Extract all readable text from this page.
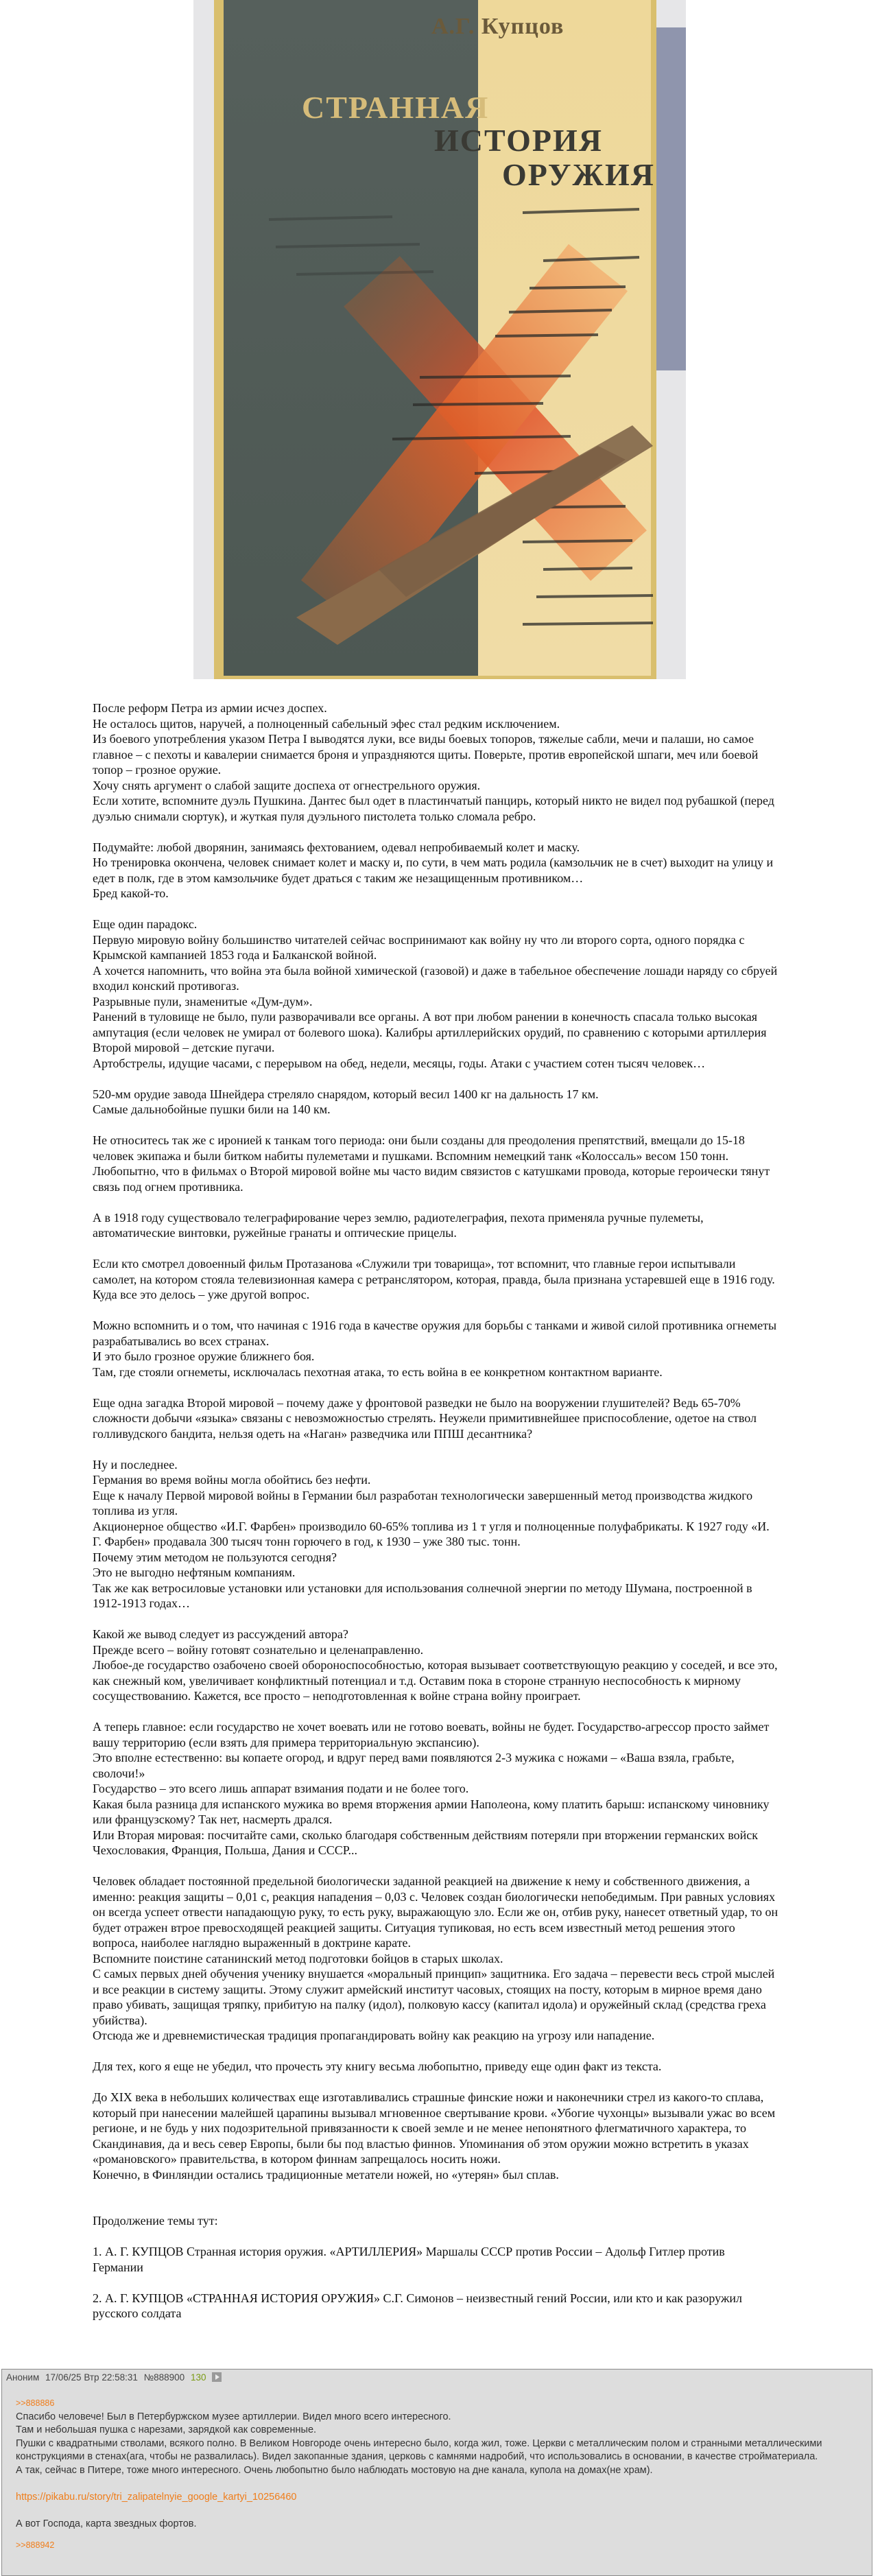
А.Г. Купцов
СТРАННАЯ
ИСТОРИЯ
ОРУЖИЯ
После реформ Петра из армии исчез доспех.
Не осталось щитов, наручей, а полноценный сабельный эфес стал редким исключением.
Из боевого употребления указом Петра I выводятся луки, все виды боевых топоров, тяжелые сабли, мечи и палаши, но самое главное – с пехоты и кавалерии снимается броня и упраздняются щиты. Поверьте, против европейской шпаги, меч или боевой топор – грозное оружие.
Хочу снять аргумент о слабой защите доспеха от огнестрельного оружия.
Если хотите, вспомните дуэль Пушкина. Дантес был одет в пластинчатый панцирь, который никто не видел под рубашкой (перед дуэлью снимали сюртук), и жуткая пуля дуэльного пистолета только сломала ребро.
Подумайте: любой дворянин, занимаясь фехтованием, одевал непробиваемый колет и маску.
Но тренировка окончена, человек снимает колет и маску и, по сути, в чем мать родила (камзольчик не в счет) выходит на улицу и едет в полк, где в этом камзольчике будет драться с таким же незащищенным противником…
Бред какой-то.
Еще один парадокс.
Первую мировую войну большинство читателей сейчас воспринимают как войну ну что ли второго сорта, одного порядка с Крымской кампанией 1853 года и Балканской войной.
А хочется напомнить, что война эта была войной химической (газовой) и даже в табельное обеспечение лошади наряду со сбруей входил конский противогаз.
Разрывные пули, знаменитые «Дум-дум».
Ранений в туловище не было, пули разворачивали все органы. А вот при любом ранении в конечность спасала только высокая ампутация (если человек не умирал от болевого шока). Калибры артиллерийских орудий, по сравнению с которыми артиллерия Второй мировой – детские пугачи.
Артобстрелы, идущие часами, с перерывом на обед, недели, месяцы, годы. Атаки с участием сотен тысяч человек…
520-мм орудие завода Шнейдера стреляло снарядом, который весил 1400 кг на дальность 17 км.
Самые дальнобойные пушки били на 140 км.
Не относитесь так же с иронией к танкам того периода: они были созданы для преодоления препятствий, вмещали до 15-18 человек экипажа и были битком набиты пулеметами и пушками. Вспомним немецкий танк «Колоссаль» весом 150 тонн.
Любопытно, что в фильмах о Второй мировой войне мы часто видим связистов с катушками провода, которые героически тянут связь под огнем противника.
А в 1918 году существовало телеграфирование через землю, радиотелеграфия, пехота применяла ручные пулеметы, автоматические винтовки, ружейные гранаты и оптические прицелы.
Если кто смотрел довоенный фильм Протазанова «Служили три товарища», тот вспомнит, что главные герои испытывали самолет, на котором стояла телевизионная камера с ретранслятором, которая, правда, была признана устаревшей еще в 1916 году.
Куда все это делось – уже другой вопрос.
Можно вспомнить и о том, что начиная с 1916 года в качестве оружия для борьбы с танками и живой силой противника огнеметы разрабатывались во всех странах.
И это было грозное оружие ближнего боя.
Там, где стояли огнеметы, исключалась пехотная атака, то есть война в ее конкретном контактном варианте.
Еще одна загадка Второй мировой – почему даже у фронтовой разведки не было на вооружении глушителей? Ведь 65-70% сложности добычи «языка» связаны с невозможностью стрелять. Неужели примитивнейшее приспособление, одетое на ствол голливудского бандита, нельзя одеть на «Наган» разведчика или ППШ десантника?
Ну и последнее.
Германия во время войны могла обойтись без нефти.
Еще к началу Первой мировой войны в Германии был разработан технологически завершенный метод производства жидкого топлива из угля.
Акционерное общество «И.Г. Фарбен» производило 60-65% топлива из 1 т угля и полноценные полуфабрикаты. К 1927 году «И. Г. Фарбен» продавала 300 тысяч тонн горючего в год, к 1930 – уже 380 тыс. тонн.
Почему этим методом не пользуются сегодня?
Это не выгодно нефтяным компаниям.
Так же как ветросиловые установки или установки для использования солнечной энергии по методу Шумана, построенной в 1912-1913 годах…
Какой же вывод следует из рассуждений автора?
Прежде всего – войну готовят сознательно и целенаправленно.
Любое-де государство озабочено своей обороноспособностью, которая вызывает соответствующую реакцию у соседей, и все это, как снежный ком, увеличивает конфликтный потенциал и т.д. Оставим пока в стороне странную неспособность к мирному сосуществованию. Кажется, все просто – неподготовленная к войне страна войну проиграет.
А теперь главное: если государство не хочет воевать или не готово воевать, войны не будет. Государство-агрессор просто займет вашу территорию (если взять для примера территориальную экспансию).
Это вполне естественно: вы копаете огород, и вдруг перед вами появляются 2-3 мужика с ножами – «Ваша взяла, грабьте, сволочи!»
Государство – это всего лишь аппарат взимания подати и не более того.
Какая была разница для испанского мужика во время вторжения армии Наполеона, кому платить барыш: испанскому чиновнику или французскому? Так нет, насмерть дрался.
Или Вторая мировая: посчитайте сами, сколько благодаря собственным действиям потеряли при вторжении германских войск Чехословакия, Франция, Польша, Дания и СССР...
Человек обладает постоянной предельной биологически заданной реакцией на движение к нему и собственного движения, а именно: реакция защиты – 0,01 с, реакция нападения – 0,03 с. Человек создан биологически непобедимым. При равных условиях он всегда успеет отвести нападающую руку, то есть руку, выражающую зло. Если же он, отбив руку, нанесет ответный удар, то он будет отражен втрое превосходящей реакцией защиты. Ситуация тупиковая, но есть всем известный метод решения этого вопроса, наиболее наглядно выраженный в доктрине карате.
Вспомните поистине сатанинский метод подготовки бойцов в старых школах.
С самых первых дней обучения ученику внушается «моральный принцип» защитника. Его задача – перевести весь строй мыслей и все реакции в систему защиты. Этому служит армейский институт часовых, стоящих на посту, которым в мирное время дано право убивать, защищая тряпку, прибитую на палку (идол), полковую кассу (капитал идола) и оружейный склад (средства греха убийства).
Отсюда же и древнемистическая традиция пропагандировать войну как реакцию на угрозу или нападение.
Для тех, кого я еще не убедил, что прочесть эту книгу весьма любопытно, приведу еще один факт из текста.
До XIX века в небольших количествах еще изготавливались страшные финские ножи и наконечники стрел из какого-то сплава, который при нанесении малейшей царапины вызывал мгновенное свертывание крови. «Убогие чухонцы» вызывали ужас во всем регионе, и не будь у них подозрительной привязанности к своей земле и не менее непонятного флегматичного характера, то Скандинавия, да и весь север Европы, были бы под властью финнов. Упоминания об этом оружии можно встретить в указах «романовского» правительства, в котором финнам запрещалось носить ножи.
Конечно, в Финляндии остались традиционные метатели ножей, но «утерян» был сплав.
Продолжение темы тут:
1. А. Г. КУПЦОВ Странная история оружия. «АРТИЛЛЕРИЯ» Маршалы СССР против России – Адольф Гитлер против Германии
2. А. Г. КУПЦОВ «СТРАННАЯ ИСТОРИЯ ОРУЖИЯ» С.Г. Симонов – неизвестный гений России, или кто и как разоружил русского солдата
Аноним 17/06/25 Втр 22:58:31 №888900 130
>>888886
Спасибо человече! Был в Петербуржском музее артиллерии. Видел много всего интересного.
Там и небольшая пушка с нарезами, зарядкой как современные.
Пушки с квадратными стволами, всякого полно. В Великом Новгороде очень интересно было, когда жил, тоже. Церкви с металлическим полом и странными металлическими
конструкциями в стенах(ага, чтобы не развалилась). Видел закопанные здания, церковь с камнями надробий, что использовались в основании, в качестве стройматериала.
А так, сейчас в Питере, тоже много интересного. Очень любопытно было наблюдать мостовую на дне канала, купола на домах(не храм).
https://pikabu.ru/story/tri_zalipatelnyie_google_kartyi_10256460
А вот Господа, карта звездных фортов.
>>888942
